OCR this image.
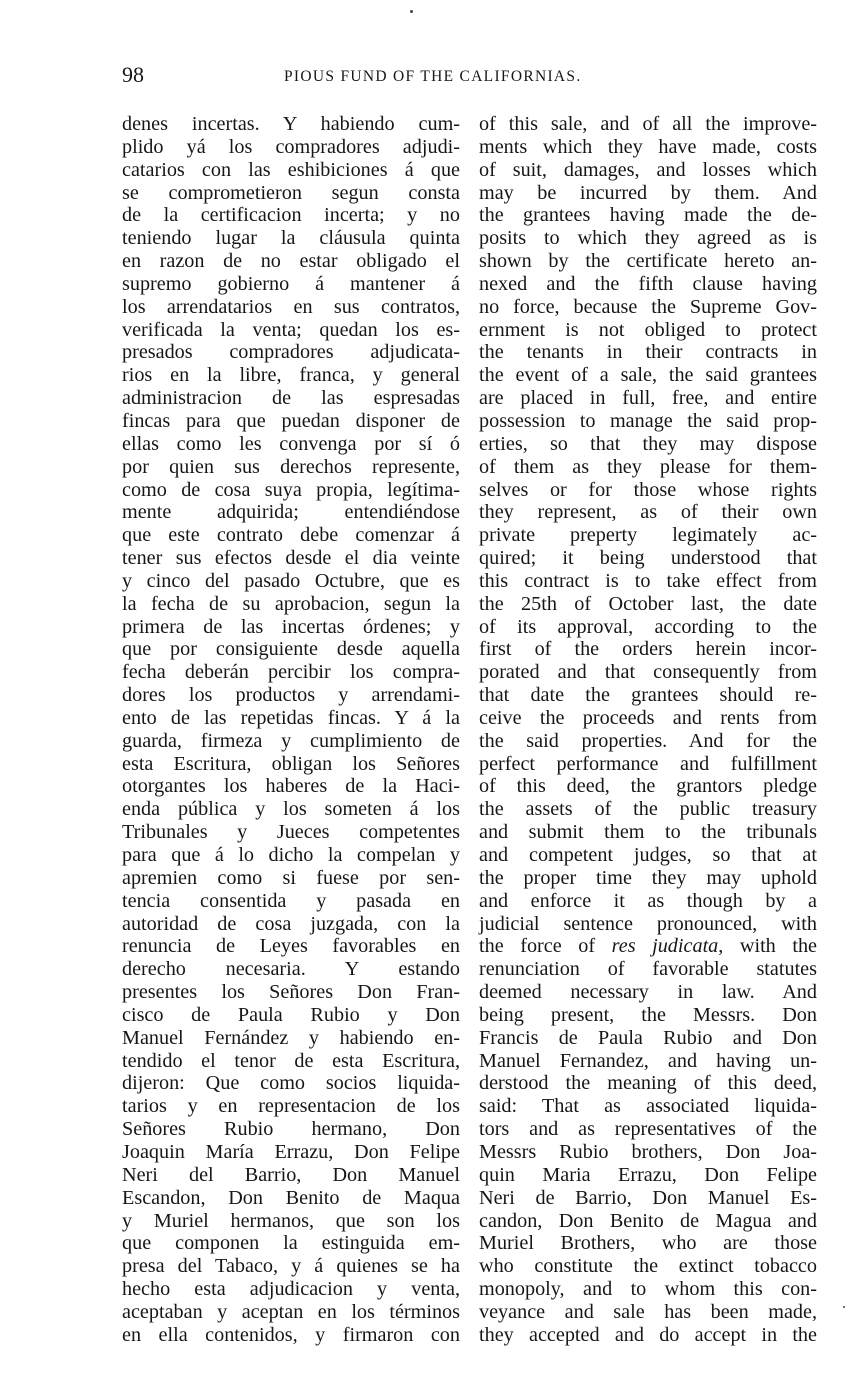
98	PIOUS FUND OF THE CALIFORNIAS.
denes incertas. Y habiendo cum-
plido yá los compradores adjudi-
catarios con las eshibiciones á que
se comprometieron segun consta
de la certificacion incerta; y no
teniendo lugar la cláusula quinta
en razon de no estar obligado el
supremo gobierno á mantener á
los arrendatarios en sus contratos,
verificada la venta; quedan los es-
presados compradores adjudicata-
rios en la libre, franca, y general
administracion de las espresadas
fincas para que puedan disponer de
ellas como les convenga por sí ó
por quien sus derechos represente,
como de cosa suya propia, legítima-
mente adquirida; entendiéndose
que este contrato debe comenzar á
tener sus efectos desde el dia veinte
y cinco del pasado Octubre, que es
la fecha de su aprobacion, segun la
primera de las incertas órdenes; y
que por consiguiente desde aquella
fecha deberán percibir los compra-
dores los productos y arrendami-
ento de las repetidas fincas. Y á la
guarda, firmeza y cumplimiento de
esta Escritura, obligan los Señores
otorgantes los haberes de la Haci-
enda pública y los someten á los
Tribunales y Jueces competentes
para que á lo dicho la compelan y
apremien como si fuese por sen-
tencia consentida y pasada en
autoridad de cosa juzgada, con la
renuncia de Leyes favorables en
derecho necesaria. Y estando
presentes los Señores Don Fran-
cisco de Paula Rubio y Don
Manuel Fernández y habiendo en-
tendido el tenor de esta Escritura,
dijeron: Que como socios liquida-
tarios y en representacion de los
Señores Rubio hermano, Don
Joaquin María Errazu, Don Felipe
Neri del Barrio, Don Manuel
Escandon, Don Benito de Maqua
y Muriel hermanos, que son los
que componen la estinguida em-
presa del Tabaco, y á quienes se ha
hecho esta adjudicacion y venta,
aceptaban y aceptan en los términos
en ella contenidos, y firmaron con
of this sale, and of all the improve-
ments which they have made, costs
of suit, damages, and losses which
may be incurred by them. And
the grantees having made the de-
posits to which they agreed as is
shown by the certificate hereto an-
nexed and the fifth clause having
no force, because the Supreme Gov-
ernment is not obliged to protect
the tenants in their contracts in
the event of a sale, the said grantees
are placed in full, free, and entire
possession to manage the said prop-
erties, so that they may dispose
of them as they please for them-
selves or for those whose rights
they represent, as of their own
private preperty legimately ac-
quired; it being understood that
this contract is to take effect from
the 25th of October last, the date
of its approval, according to the
first of the orders herein incor-
porated and that consequently from
that date the grantees should re-
ceive the proceeds and rents from
the said properties. And for the
perfect performance and fulfillment
of this deed, the grantors pledge
the assets of the public treasury
and submit them to the tribunals
and competent judges, so that at
the proper time they may uphold
and enforce it as though by a
judicial sentence pronounced, with
the force of res judicata, with the
renunciation of favorable statutes
deemed necessary in law. And
being present, the Messrs. Don
Francis de Paula Rubio and Don
Manuel Fernandez, and having un-
derstood the meaning of this deed,
said: That as associated liquida-
tors and as representatives of the
Messrs Rubio brothers, Don Joa-
quin Maria Errazu, Don Felipe
Neri de Barrio, Don Manuel Es-
candon, Don Benito de Magua and
Muriel Brothers, who are those
who constitute the extinct tobacco
monopoly, and to whom this con-
veyance and sale has been made,
they accepted and do accept in the
